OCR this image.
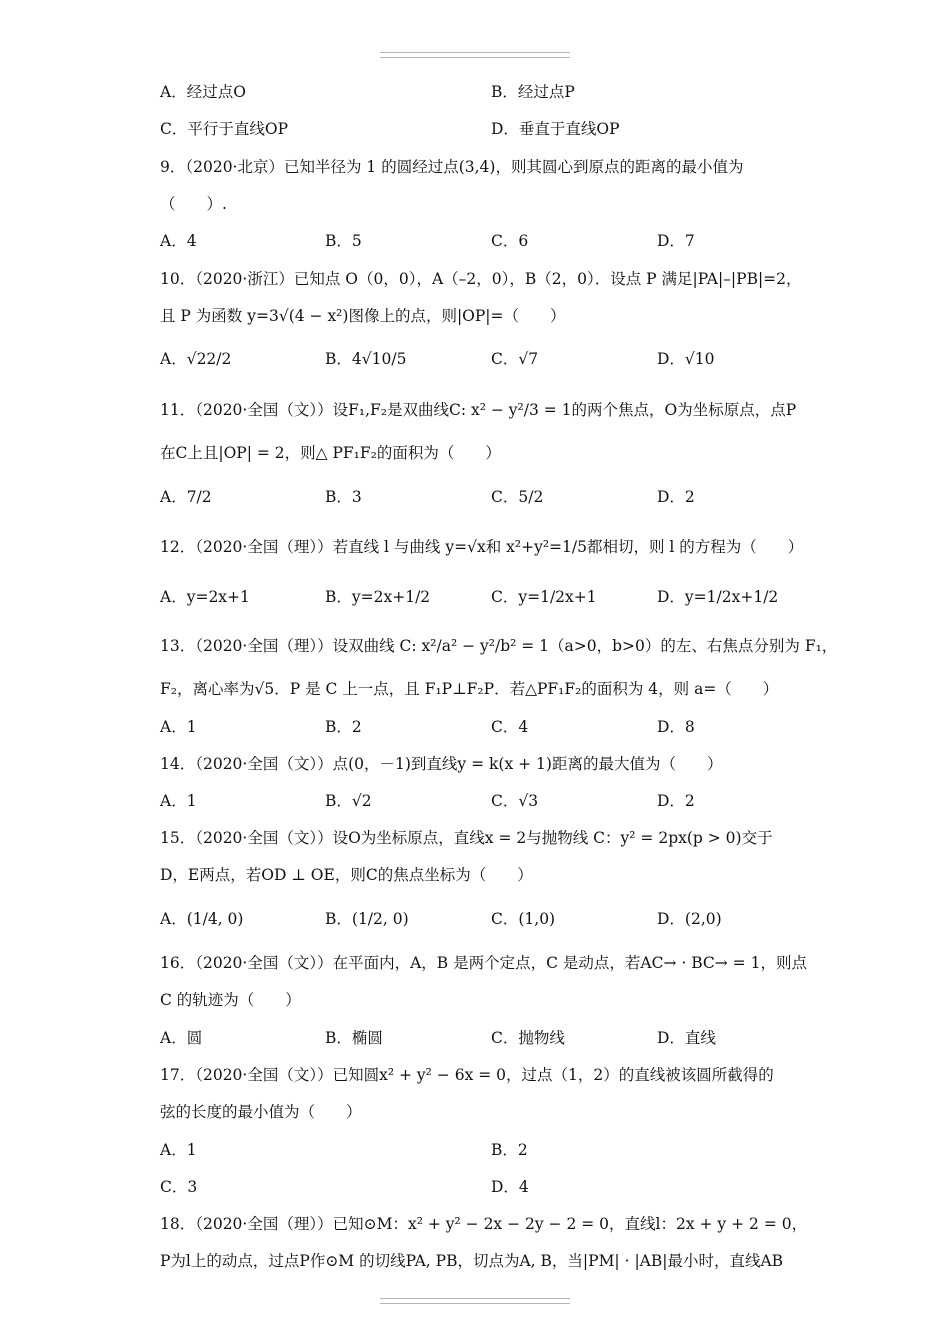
A．经过点O	B．经过点P
C．平行于直线OP	D．垂直于直线OP
9．（2020·北京）已知半径为 1 的圆经过点(3,4)，则其圆心到原点的距离的最小值为
（　　）.
A．4	B．5	C．6	D．7
10．（2020·浙江）已知点 O（0，0），A（–2，0），B（2，0）．设点 P 满足|PA|–|PB|=2，
且 P 为函数 y=3√(4 − x²)图像上的点，则|OP|=（　　）
A．√22/2	B．4√10/5	C．√7	D．√10
11．（2020·全国（文））设F₁,F₂是双曲线C: x² − y²/3 = 1的两个焦点，O为坐标原点，点P
在C上且|OP| = 2，则△ PF₁F₂的面积为（　　）
A．7/2	B．3	C．5/2	D．2
12．（2020·全国（理））若直线 l 与曲线 y=√x和 x²+y²=1/5都相切，则 l 的方程为（　　）
A．y=2x+1	B．y=2x+1/2	C．y=1/2x+1	D．y=1/2x+1/2
13．（2020·全国（理））设双曲线 C: x²/a² − y²/b² = 1（a>0，b>0）的左、右焦点分别为 F₁，
F₂，离心率为√5．P 是 C 上一点，且 F₁P⊥F₂P．若△PF₁F₂的面积为 4，则 a=（　　）
A．1	B．2	C．4	D．8
14．（2020·全国（文））点(0，－1)到直线y = k(x + 1)距离的最大值为（　　）
A．1	B．√2	C．√3	D．2
15．（2020·全国（文））设O为坐标原点，直线x = 2与抛物线 C：y² = 2px(p > 0)交于
D，E两点，若OD ⊥ OE，则C的焦点坐标为（　　）
A．(1/4, 0)	B．(1/2, 0)	C．(1,0)	D．(2,0)
16．（2020·全国（文））在平面内，A，B 是两个定点，C 是动点，若AC→ · BC→ = 1，则点
C 的轨迹为（　　）
A．圆	B．椭圆	C．抛物线	D．直线
17．（2020·全国（文））已知圆x² + y² − 6x = 0，过点（1，2）的直线被该圆所截得的
弦的长度的最小值为（　　）
A．1	B．2
C．3	D．4
18．（2020·全国（理））已知⊙M：x² + y² − 2x − 2y − 2 = 0，直线l：2x + y + 2 = 0，
P为l上的动点，过点P作⊙M 的切线PA, PB，切点为A, B，当|PM| · |AB|最小时，直线AB
